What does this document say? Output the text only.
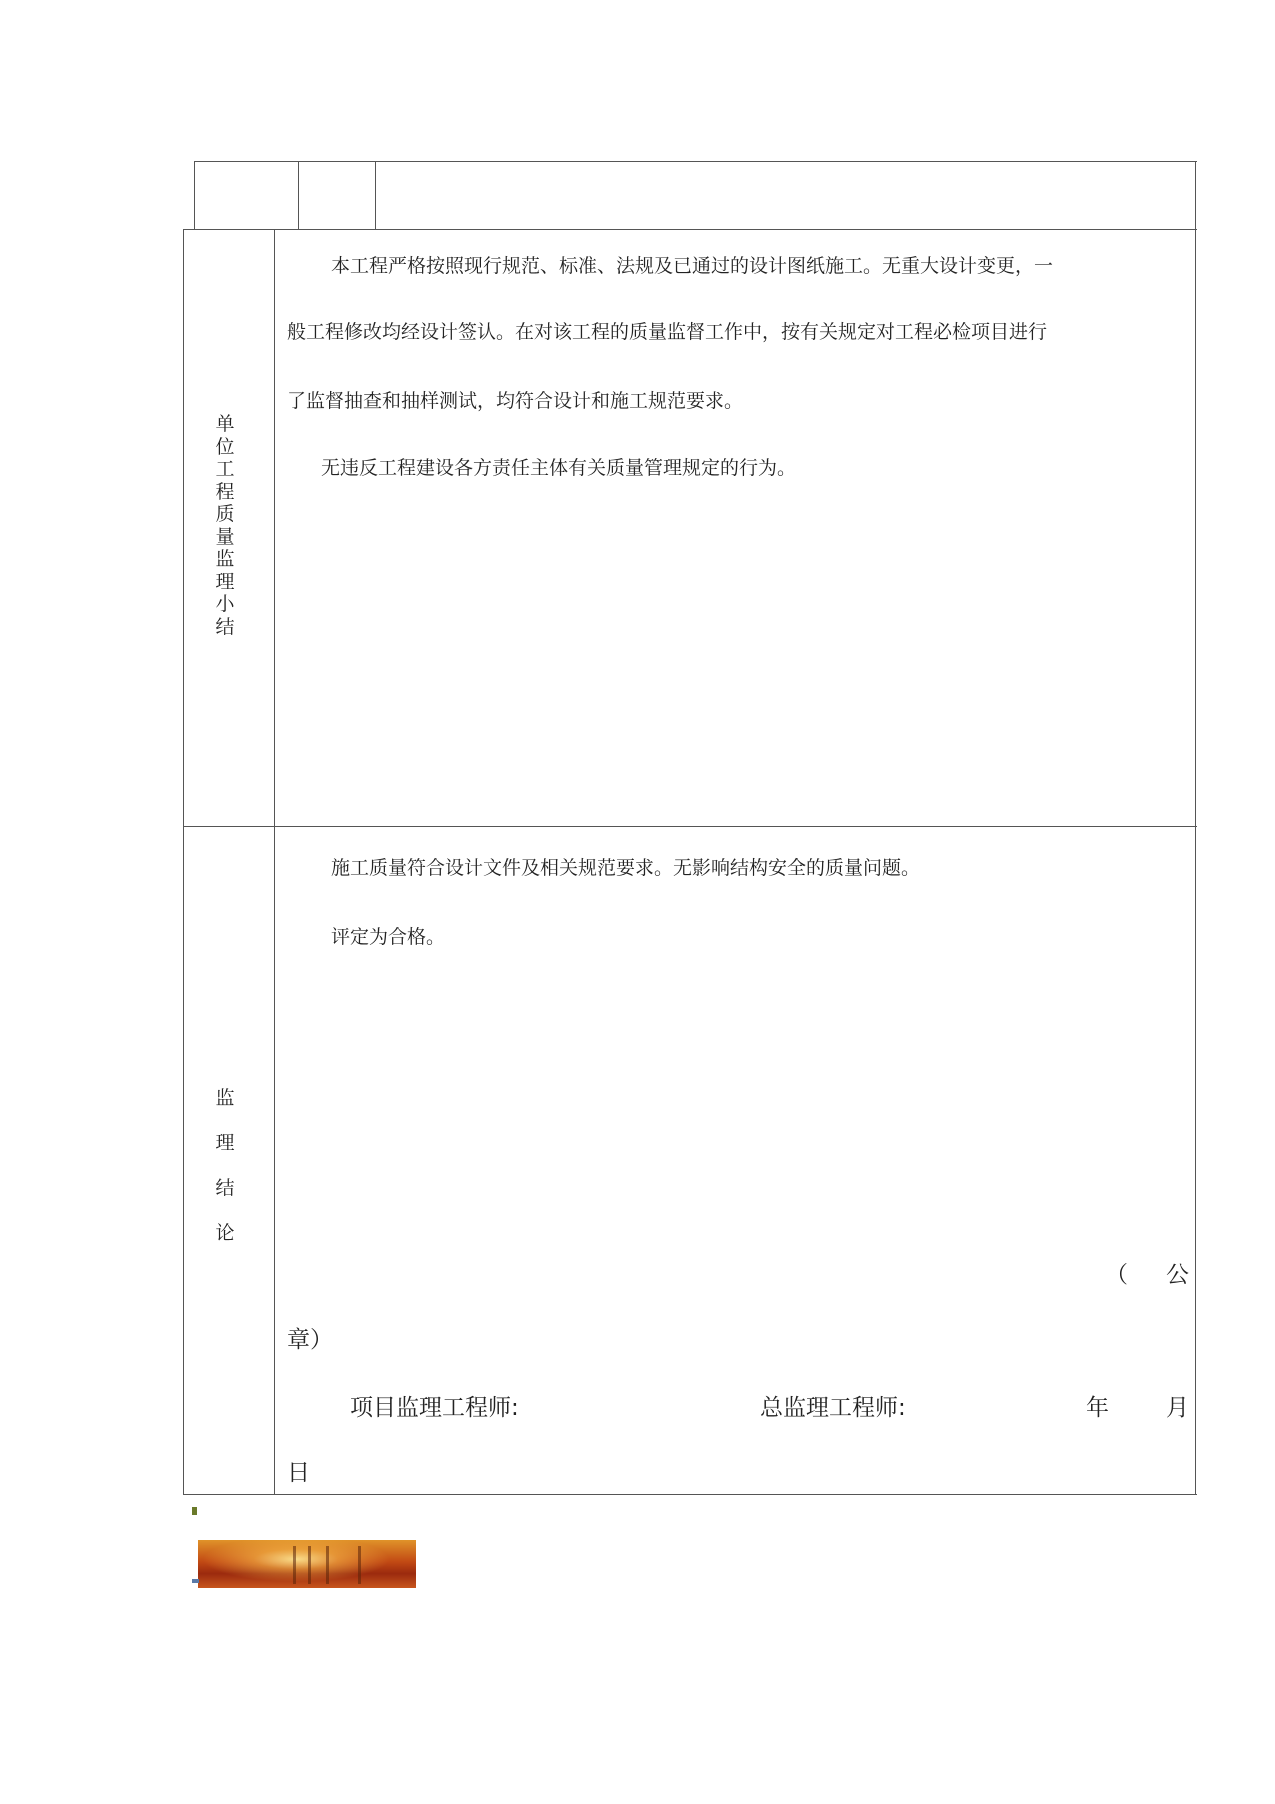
单
位
工
程
质
量
监
理
小
结
本工程严格按照现行规范、标准、法规及已通过的设计图纸施工。无重大设计变更，一
般工程修改均经设计签认。在对该工程的质量监督工作中，按有关规定对工程必检项目进行
了监督抽查和抽样测试，均符合设计和施工规范要求。
无违反工程建设各方责任主体有关质量管理规定的行为。
监
理
结
论
施工质量符合设计文件及相关规范要求。无影响结构安全的质量问题。
评定为合格。
（ 公
章）
项目监理工程师:	总监理工程师:	年 月
日
